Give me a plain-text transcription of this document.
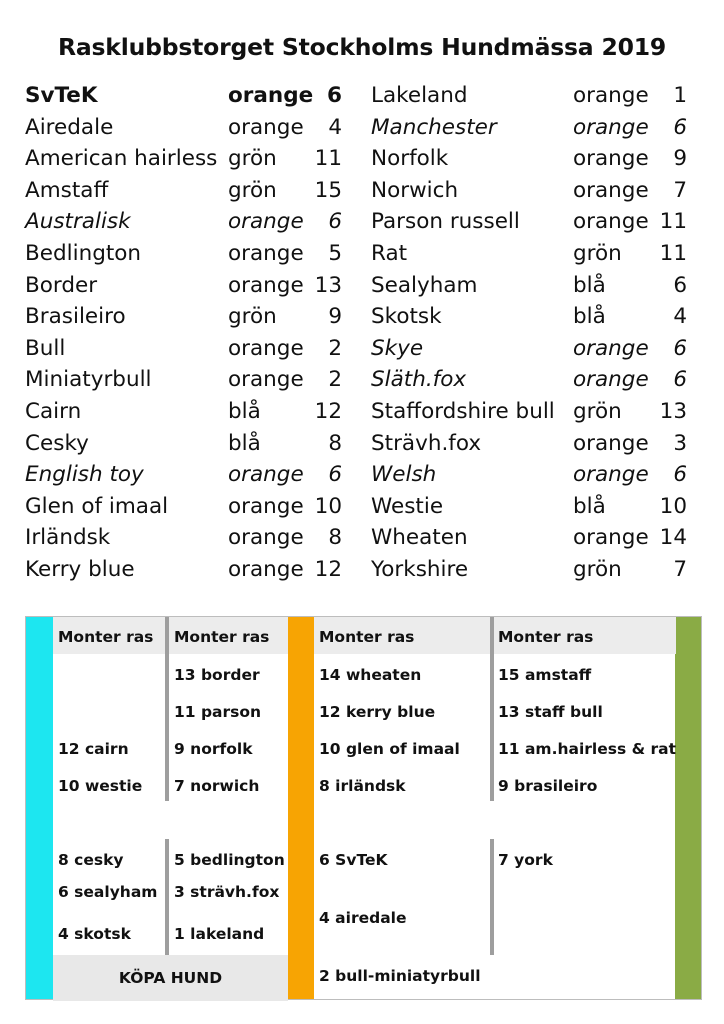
Rasklubbstorget Stockholms Hundmässa 2019
SvTeK	orange 6
Airedale	orange	4
American hairless grön	11
Amstaff	grön	15
Australisk	orange	6
Bedlington	orange	5
Border	orange 13
Brasileiro	grön	9
Bull	orange	2
Miniatyrbull	orange	2
Cairn	blå	12
Cesky	blå	8
English toy	orange	6
Glen of imaal	orange 10
Irländsk	orange	8
Kerry blue	orange 12
Lakeland	orange	1
Manchester	orange	6
Norfolk	orange	9
Norwich	orange	7
Parson russell orange 11
Rat	grön	11
Sealyham	blå	6
Skotsk	blå	4
Skye	orange	6
Släth.fox	orange	6
Staffordshire bull grön	13
Strävh.fox	orange	3
Welsh	orange	6
Westie	blå	10
Wheaten	orange 14
Yorkshire	grön	7
KÖPA HUND
Monter ras Monter ras	Monter ras	Monter ras
12 cairn
10 westie
8 cesky
6 sealyham
4 skotsk
13 border
11 parson
9 norfolk
7 norwich
5 bedlington
3 strävh.fox
1 lakeland
14 wheaten
12 kerry blue
10 glen of imaal
8 irländsk
6 SvTeK
4 airedale
2 bull-miniatyrbull
15 amstaff
13 staff bull
11 am.hairless & rat
9 brasileiro
7 york
